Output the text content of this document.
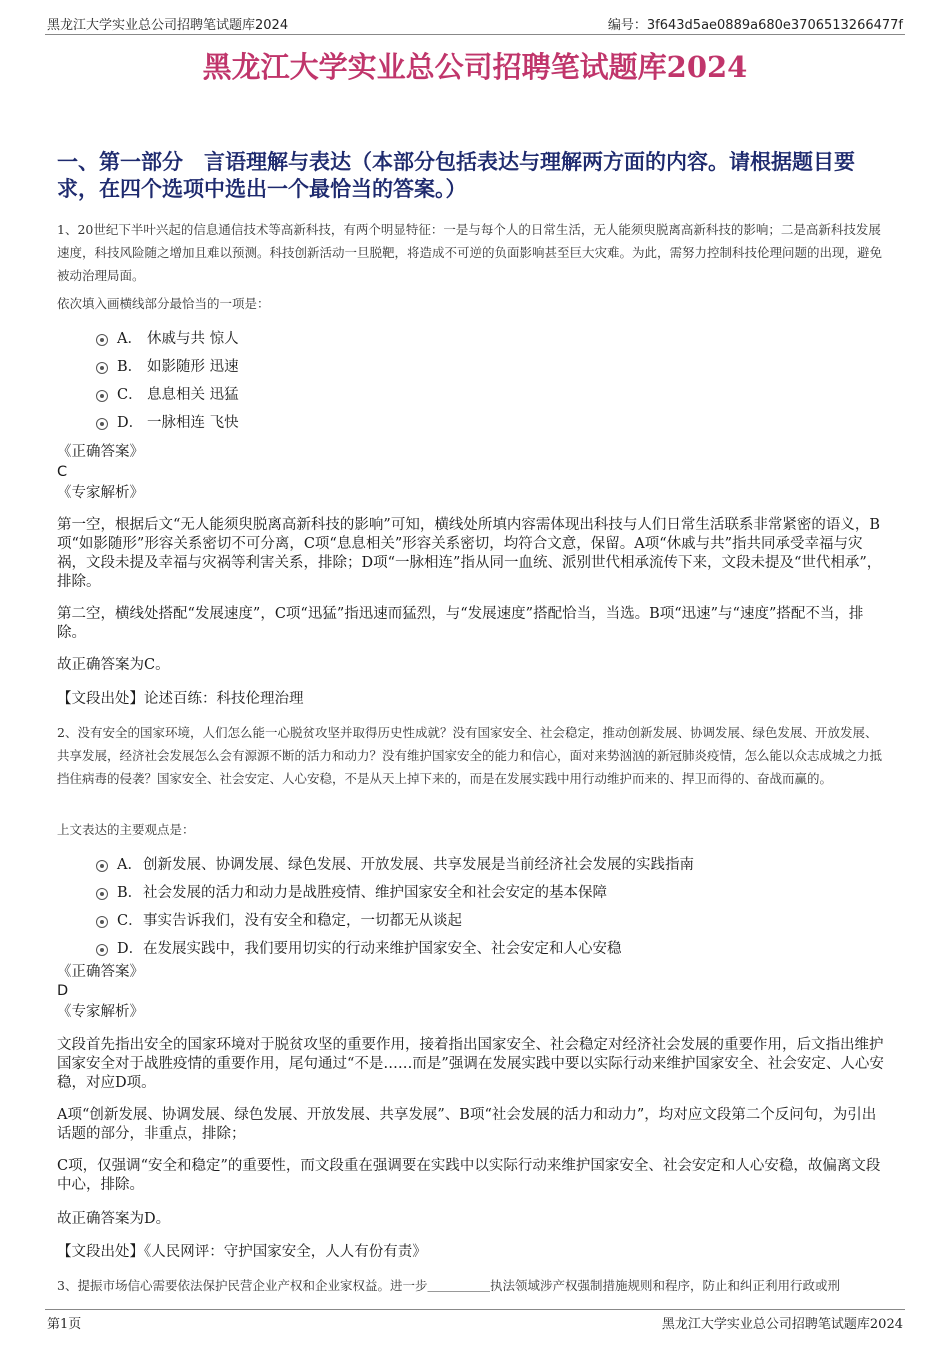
黑龙江大学实业总公司招聘笔试题库2024	编号：3f643d5ae0889a680e3706513266477f
黑龙江大学实业总公司招聘笔试题库2024
一、第一部分　言语理解与表达（本部分包括表达与理解两方面的内容。请根据题目要求，在四个选项中选出一个最恰当的答案。）
1、20世纪下半叶兴起的信息通信技术等高新科技，有两个明显特征：一是与每个人的日常生活，无人能须臾脱离高新科技的影响；二是高新科技发展速度，科技风险随之增加且难以预测。科技创新活动一旦脱靶，将造成不可逆的负面影响甚至巨大灾难。为此，需努力控制科技伦理问题的出现，避免被动治理局面。
依次填入画横线部分最恰当的一项是：
A． 休戚与共 惊人
B． 如影随形 迅速
C． 息息相关 迅猛
D． 一脉相连 飞快
《正确答案》
C
《专家解析》

第一空，根据后文“无人能须臾脱离高新科技的影响”可知，横线处所填内容需体现出科技与人们日常生活联系非常紧密的语义，B项“如影随形”形容关系密切不可分离，C项“息息相关”形容关系密切，均符合文意，保留。A项“休戚与共”指共同承受幸福与灾祸，文段未提及幸福与灾祸等利害关系，排除；D项“一脉相连”指从同一血统、派别世代相承流传下来，文段未提及“世代相承”，排除。

第二空，横线处搭配“发展速度”，C项“迅猛”指迅速而猛烈，与“发展速度”搭配恰当，当选。B项“迅速”与“速度”搭配不当，排除。

故正确答案为C。

【文段出处】论述百练：科技伦理治理

2、没有安全的国家环境，人们怎么能一心脱贫攻坚并取得历史性成就？没有国家安全、社会稳定，推动创新发展、协调发展、绿色发展、开放发展、共享发展，经济社会发展怎么会有源源不断的活力和动力？没有维护国家安全的能力和信心，面对来势汹汹的新冠肺炎疫情，怎么能以众志成城之力抵挡住病毒的侵袭？国家安全、社会安定、人心安稳，不是从天上掉下来的，而是在发展实践中用行动维护而来的、捍卫而得的、奋战而赢的。
上文表达的主要观点是：
A． 创新发展、协调发展、绿色发展、开放发展、共享发展是当前经济社会发展的实践指南
B． 社会发展的活力和动力是战胜疫情、维护国家安全和社会安定的基本保障
C． 事实告诉我们，没有安全和稳定，一切都无从谈起
D． 在发展实践中，我们要用切实的行动来维护国家安全、社会安定和人心安稳
《正确答案》
D
《专家解析》

文段首先指出安全的国家环境对于脱贫攻坚的重要作用，接着指出国家安全、社会稳定对经济社会发展的重要作用，后文指出维护国家安全对于战胜疫情的重要作用，尾句通过“不是……而是”强调在发展实践中要以实际行动来维护国家安全、社会安定、人心安稳，对应D项。

A项“创新发展、协调发展、绿色发展、开放发展、共享发展”、B项“社会发展的活力和动力”，均对应文段第二个反问句，为引出话题的部分，非重点，排除；

C项，仅强调“安全和稳定”的重要性，而文段重在强调要在实践中以实际行动来维护国家安全、社会安定和人心安稳，故偏离文段中心，排除。

故正确答案为D。

【文段出处】《人民网评：守护国家安全，人人有份有责》

3、提振市场信心需要依法保护民营企业产权和企业家权益。进一步＿＿＿＿＿执法领域涉产权强制措施规则和程序，防止和纠正利用行政或刑
第1页	黑龙江大学实业总公司招聘笔试题库2024
